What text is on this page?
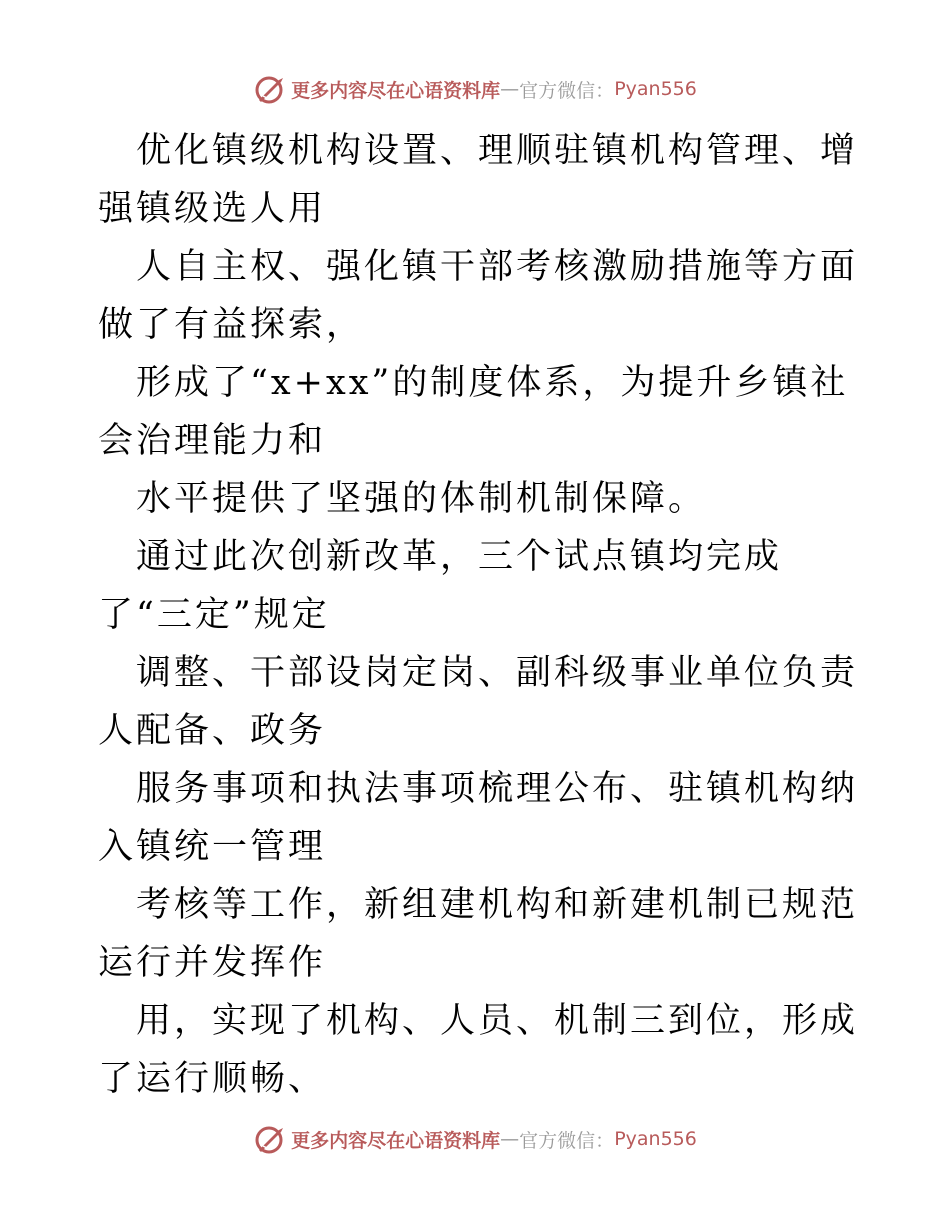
更多内容尽在心语资料库 — 官方微信： Pyan556

优化镇级机构设置、理顺驻镇机构管理、增强镇级选人用

人自主权、强化镇干部考核激励措施等方面做了有益探索，

形成了“x+xx”的制度体系，为提升乡镇社会治理能力和

水平提供了坚强的体制机制保障。

通过此次创新改革，三个试点镇均完成了“三定”规定

调整、干部设岗定岗、副科级事业单位负责人配备、政务

服务事项和执法事项梳理公布、驻镇机构纳入镇统一管理

考核等工作，新组建机构和新建机制已规范运行并发挥作

用，实现了机构、人员、机制三到位，形成了运行顺畅、

更多内容尽在心语资料库 — 官方微信： Pyan556
